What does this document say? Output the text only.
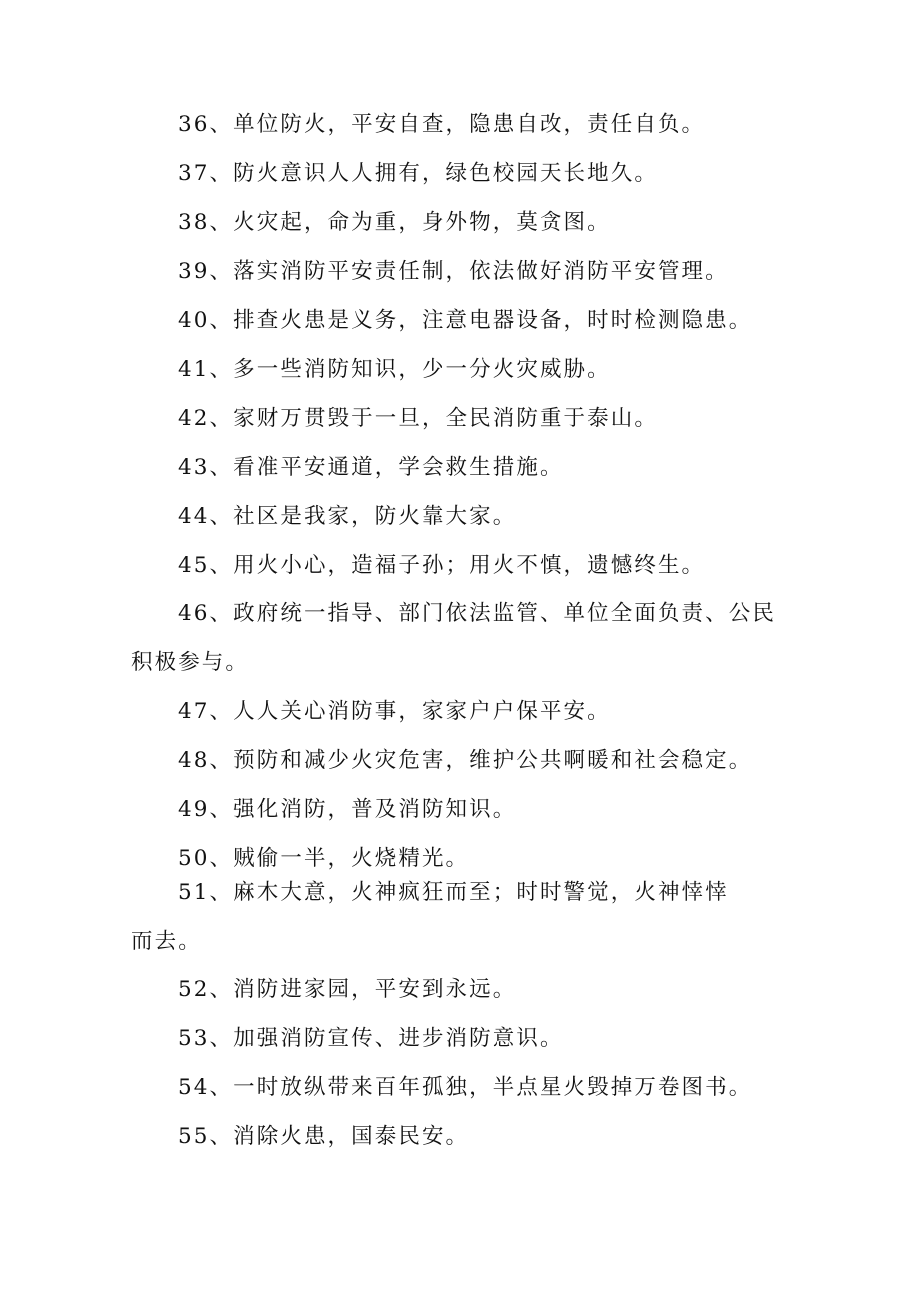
36、单位防火，平安自查，隐患自改，责任自负。

37、防火意识人人拥有，绿色校园天长地久。

38、火灾起，命为重，身外物，莫贪图。

39、落实消防平安责任制，依法做好消防平安管理。

40、排查火患是义务，注意电器设备，时时检测隐患。

41、多一些消防知识，少一分火灾威胁。

42、家财万贯毁于一旦，全民消防重于泰山。

43、看准平安通道，学会救生措施。

44、社区是我家，防火靠大家。

45、用火小心，造福子孙；用火不慎，遗憾终生。

46、政府统一指导、部门依法监管、单位全面负责、公民

积极参与。

47、人人关心消防事，家家户户保平安。

48、预防和减少火灾危害，维护公共啊暖和社会稳定。

49、强化消防，普及消防知识。

50、贼偷一半，火烧精光。

51、麻木大意，火神疯狂而至；时时警觉，火神悻悻

而去。

52、消防进家园，平安到永远。

53、加强消防宣传、进步消防意识。

54、一时放纵带来百年孤独，半点星火毁掉万卷图书。

55、消除火患，国泰民安。
